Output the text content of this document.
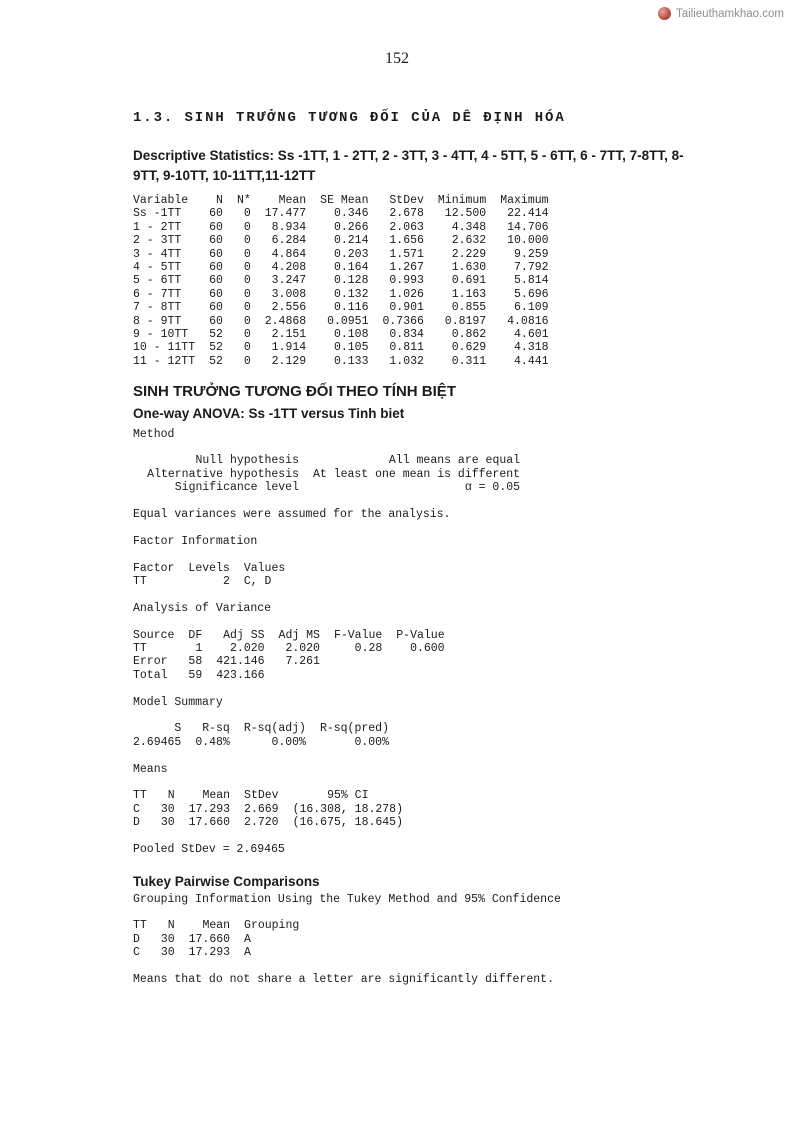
Tailieuthamkhao.com
152
1.3. SINH TRƯỞNG TƯƠNG ĐỐI CỦA DÊ ĐỊNH HÓA
Descriptive Statistics: Ss -1TT, 1 - 2TT, 2 - 3TT, 3 - 4TT, 4 - 5TT, 5 - 6TT, 6 - 7TT, 7-8TT, 8-9TT, 9-10TT, 10-11TT,11-12TT
Variable	N	N*	Mean	SE Mean	StDev	Minimum	Maximum
Ss -1TT	60	0	17.477	0.346	2.678	12.500	22.414
1 - 2TT	60	0	8.934	0.266	2.063	4.348	14.706
2 - 3TT	60	0	6.284	0.214	1.656	2.632	10.000
3 - 4TT	60	0	4.864	0.203	1.571	2.229	9.259
4 - 5TT	60	0	4.208	0.164	1.267	1.630	7.792
5 - 6TT	60	0	3.247	0.128	0.993	0.691	5.814
6 - 7TT	60	0	3.008	0.132	1.026	1.163	5.696
7 - 8TT	60	0	2.556	0.116	0.901	0.855	6.109
8 - 9TT	60	0	2.4868	0.0951	0.7366	0.8197	4.0816
9 - 10TT	52	0	2.151	0.108	0.834	0.862	4.601
10 - 11TT	52	0	1.914	0.105	0.811	0.629	4.318
11 - 12TT	52	0	2.129	0.133	1.032	0.311	4.441
SINH TRƯỞNG TƯƠNG ĐỐI THEO TÍNH BIỆT
One-way ANOVA: Ss -1TT versus Tinh biet
Method
Null hypothesis	All means are equal
Alternative hypothesis	At least one mean is different
Significance level	α = 0.05
Equal variances were assumed for the analysis.
Factor Information
Factor	Levels	Values
TT	2	C, D
Analysis of Variance
Source	DF	Adj SS	Adj MS	F-Value	P-Value
TT	1	2.020	2.020	0.28	0.600
Error	58	421.146	7.261		
Total	59	423.166			
Model Summary
S	R-sq	R-sq(adj)	R-sq(pred)
2.69465	0.48%	0.00%	0.00%
Means
TT	N	Mean	StDev	95% CI
C	30	17.293	2.669	(16.308, 18.278)
D	30	17.660	2.720	(16.675, 18.645)
Pooled StDev = 2.69465
Tukey Pairwise Comparisons
Grouping Information Using the Tukey Method and 95% Confidence
TT	N	Mean	Grouping
D	30	17.660	A
C	30	17.293	A
Means that do not share a letter are significantly different.
